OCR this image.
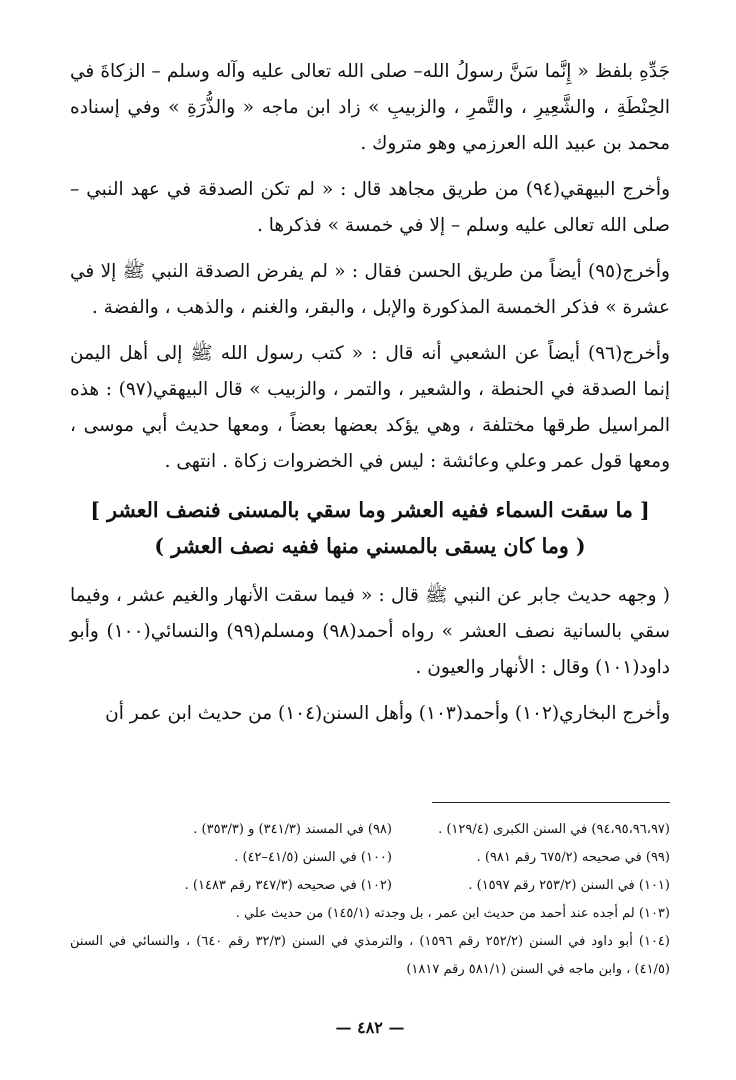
جَدِّهِ بلفظ « إِنَّما سَنَّ رسولُ الله– صلى الله تعالى عليه وآله وسلم – الزكاةَ في الحِنْطَةِ ، والشَّعِيرِ ، والتَّمرِ ، والزبيبِ » زاد ابن ماجه « والذُّرَةِ » وفي إسناده محمد بن عبيد الله العرزمي وهو متروك .

وأخرج البيهقي(٩٤) من طريق مجاهد قال : « لم تكن الصدقة في عهد النبي – صلى الله تعالى عليه وسلم – إلا في خمسة » فذكرها .

وأخرج(٩٥) أيضاً من طريق الحسن فقال : « لم يفرض الصدقة النبي ﷺ إلا في عشرة » فذكر الخمسة المذكورة والإبل ، والبقر، والغنم ، والذهب ، والفضة .

وأخرج(٩٦) أيضاً عن الشعبي أنه قال : « كتب رسول الله ﷺ إلى أهل اليمن إنما الصدقة في الحنطة ، والشعير ، والتمر ، والزبيب » قال البيهقي(٩٧) : هذه المراسيل طرقها مختلفة ، وهي يؤكد بعضها بعضاً ، ومعها حديث أبي موسى ، ومعها قول عمر وعلي وعائشة : ليس في الخضروات زكاة . انتهى .

[ ما سقت السماء ففيه العشر وما سقي بالمسنى فنصف العشر ]
( وما كان يسقى بالمسني منها ففيه نصف العشر )

( وجهه حديث جابر عن النبي ﷺ قال : « فيما سقت الأنهار والغيم عشر ، وفيما سقي بالسانية نصف العشر » رواه أحمد(٩٨) ومسلم(٩٩) والنسائي(١٠٠) وأبو داود(١٠١) وقال : الأنهار والعيون .

وأخرج البخاري(١٠٢) وأحمد(١٠٣) وأهل السنن(١٠٤) من حديث ابن عمر أن

(٩٤،٩٥،٩٦،٩٧) في السنن الكبرى (١٢٩/٤) .
(٩٨) في المسند (٣٤١/٣) و (٣٥٣/٣) .
(٩٩) في صحيحه (٦٧٥/٢ رقم ٩٨١) .
(١٠٠) في السنن (٤١/٥–٤٢) .
(١٠١) في السنن (٢٥٣/٢ رقم ١٥٩٧) .
(١٠٢) في صحيحه (٣٤٧/٣ رقم ١٤٨٣) .
(١٠٣) لم أجده عند أحمد من حديث ابن عمر ، بل وجدته (١٤٥/١) من حديث علي .
(١٠٤) أبو داود في السنن (٢٥٢/٢ رقم ١٥٩٦) ، والترمذي في السنن (٣٢/٣ رقم ٦٤٠) ، والنسائي في السنن (٤١/٥) ، وابن ماجه في السنن (٥٨١/١ رقم ١٨١٧)
— ٤٨٢ —
